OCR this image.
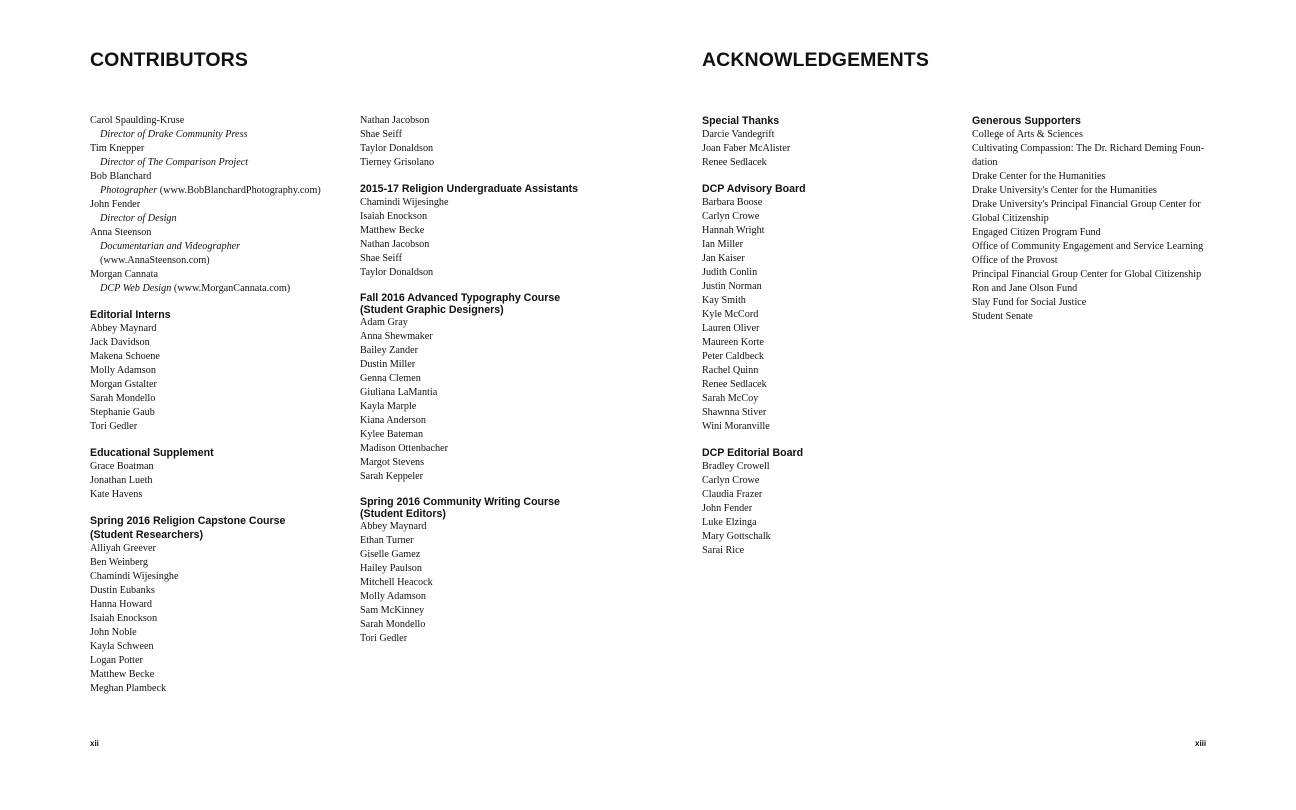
CONTRIBUTORS
Carol Spaulding-Kruse
Director of Drake Community Press
Tim Knepper
Director of The Comparison Project
Bob Blanchard
Photographer (www.BobBlanchardPhotography.com)
John Fender
Director of Design
Anna Steenson
Documentarian and Videographer
(www.AnnaSteenson.com)
Morgan Cannata
DCP Web Design (www.MorganCannata.com)
Editorial Interns
Abbey Maynard
Jack Davidson
Makena Schoene
Molly Adamson
Morgan Gstalter
Sarah Mondello
Stephanie Gaub
Tori Gedler
Educational Supplement
Grace Boatman
Jonathan Lueth
Kate Havens
Spring 2016 Religion Capstone Course
(Student Researchers)
Alliyah Greever
Ben Weinberg
Chamindi Wijesinghe
Dustin Eubanks
Hanna Howard
Isaiah Enockson
John Noble
Kayla Schween
Logan Potter
Matthew Becke
Meghan Plambeck
Nathan Jacobson
Shae Seiff
Taylor Donaldson
Tierney Grisolano
2015-17 Religion Undergraduate Assistants
Chamindi Wijesinghe
Isaiah Enockson
Matthew Becke
Nathan Jacobson
Shae Seiff
Taylor Donaldson
Fall 2016 Advanced Typography Course
(Student Graphic Designers)
Adam Gray
Anna Shewmaker
Bailey Zander
Dustin Miller
Genna Clemen
Giuliana LaMantia
Kayla Marple
Kiana Anderson
Kylee Bateman
Madison Ottenbacher
Margot Stevens
Sarah Keppeler
Spring 2016 Community Writing Course
(Student Editors)
Abbey Maynard
Ethan Turner
Giselle Gamez
Hailey Paulson
Mitchell Heacock
Molly Adamson
Sam McKinney
Sarah Mondello
Tori Gedler
xii
ACKNOWLEDGEMENTS
Special Thanks
Darcie Vandegrift
Joan Faber McAlister
Renee Sedlacek
DCP Advisory Board
Barbara Boose
Carlyn Crowe
Hannah Wright
Ian Miller
Jan Kaiser
Judith Conlin
Justin Norman
Kay Smith
Kyle McCord
Lauren Oliver
Maureen Korte
Peter Caldbeck
Rachel Quinn
Renee Sedlacek
Sarah McCoy
Shawnna Stiver
Wini Moranville
DCP Editorial Board
Bradley Crowell
Carlyn Crowe
Claudia Frazer
John Fender
Luke Elzinga
Mary Gottschalk
Sarai Rice
Generous Supporters
College of Arts & Sciences
Cultivating Compassion: The Dr. Richard Deming Foun-dation
Drake Center for the Humanities
Drake University's Center for the Humanities
Drake University's Principal Financial Group Center for Global Citizenship
Engaged Citizen Program Fund
Office of Community Engagement and Service Learning
Office of the Provost
Principal Financial Group Center for Global Citizenship
Ron and Jane Olson Fund
Slay Fund for Social Justice
Student Senate
xiii
